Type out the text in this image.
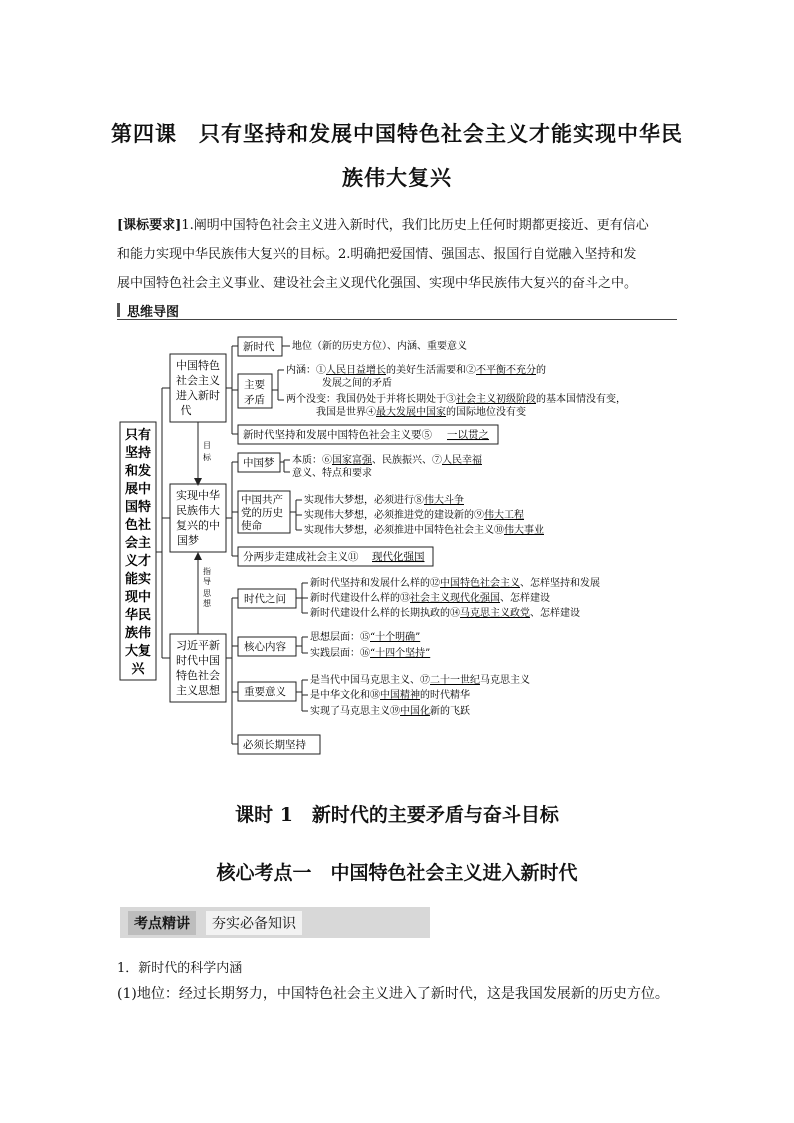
第四课　只有坚持和发展中国特色社会主义才能实现中华民
族伟大复兴
[课标要求]1.阐明中国特色社会主义进入新时代，我们比历史上任何时期都更接近、更有信心
和能力实现中华民族伟大复兴的目标。2.明确把爱国情、强国志、报国行自觉融入坚持和发
展中国特色社会主义事业、建设社会主义现代化强国、实现中华民族伟大复兴的奋斗之中。
思维导图
只有
坚持
和发
展中
国特
色社
会主
义才
能实
现中
华民
族伟
大复
兴
中国特色
社会主义
进入新时
代
实现中华
民族伟大
复兴的中
国梦
习近平新
时代中国
特色社会
主义思想
目
标
指
导
思
想
新时代
主要
矛盾
新时代坚持和发展中国特色社会主义要⑤ 一以贯之
中国梦
中国共产
党的历史
使命
分两步走建成社会主义⑪ 现代化强国
时代之问
核心内容
重要意义
必须长期坚持
地位（新的历史方位）、内涵、重要意义
内涵：①人民日益增长的美好生活需要和②不平衡不充分的
发展之间的矛盾
两个没变：我国仍处于并将长期处于③社会主义初级阶段的基本国情没有变，
我国是世界④最大发展中国家的国际地位没有变
本质：⑥国家富强、民族振兴、⑦人民幸福
意义、特点和要求
实现伟大梦想，必须进行⑧伟大斗争
实现伟大梦想，必须推进党的建设新的⑨伟大工程
实现伟大梦想，必须推进中国特色社会主义⑩伟大事业
新时代坚持和发展什么样的⑫中国特色社会主义、怎样坚持和发展
新时代建设什么样的⑬社会主义现代化强国、怎样建设
新时代建设什么样的长期执政的⑭马克思主义政党、怎样建设
思想层面：⑮“十个明确”
实践层面：⑯“十四个坚持”
是当代中国马克思主义、⑰二十一世纪马克思主义
是中华文化和⑱中国精神的时代精华
实现了马克思主义⑲中国化新的飞跃
课时 1　新时代的主要矛盾与奋斗目标
核心考点一　中国特色社会主义进入新时代
考点精讲	夯实必备知识
1．新时代的科学内涵
(1)地位：经过长期努力，中国特色社会主义进入了新时代，这是我国发展新的历史方位。
